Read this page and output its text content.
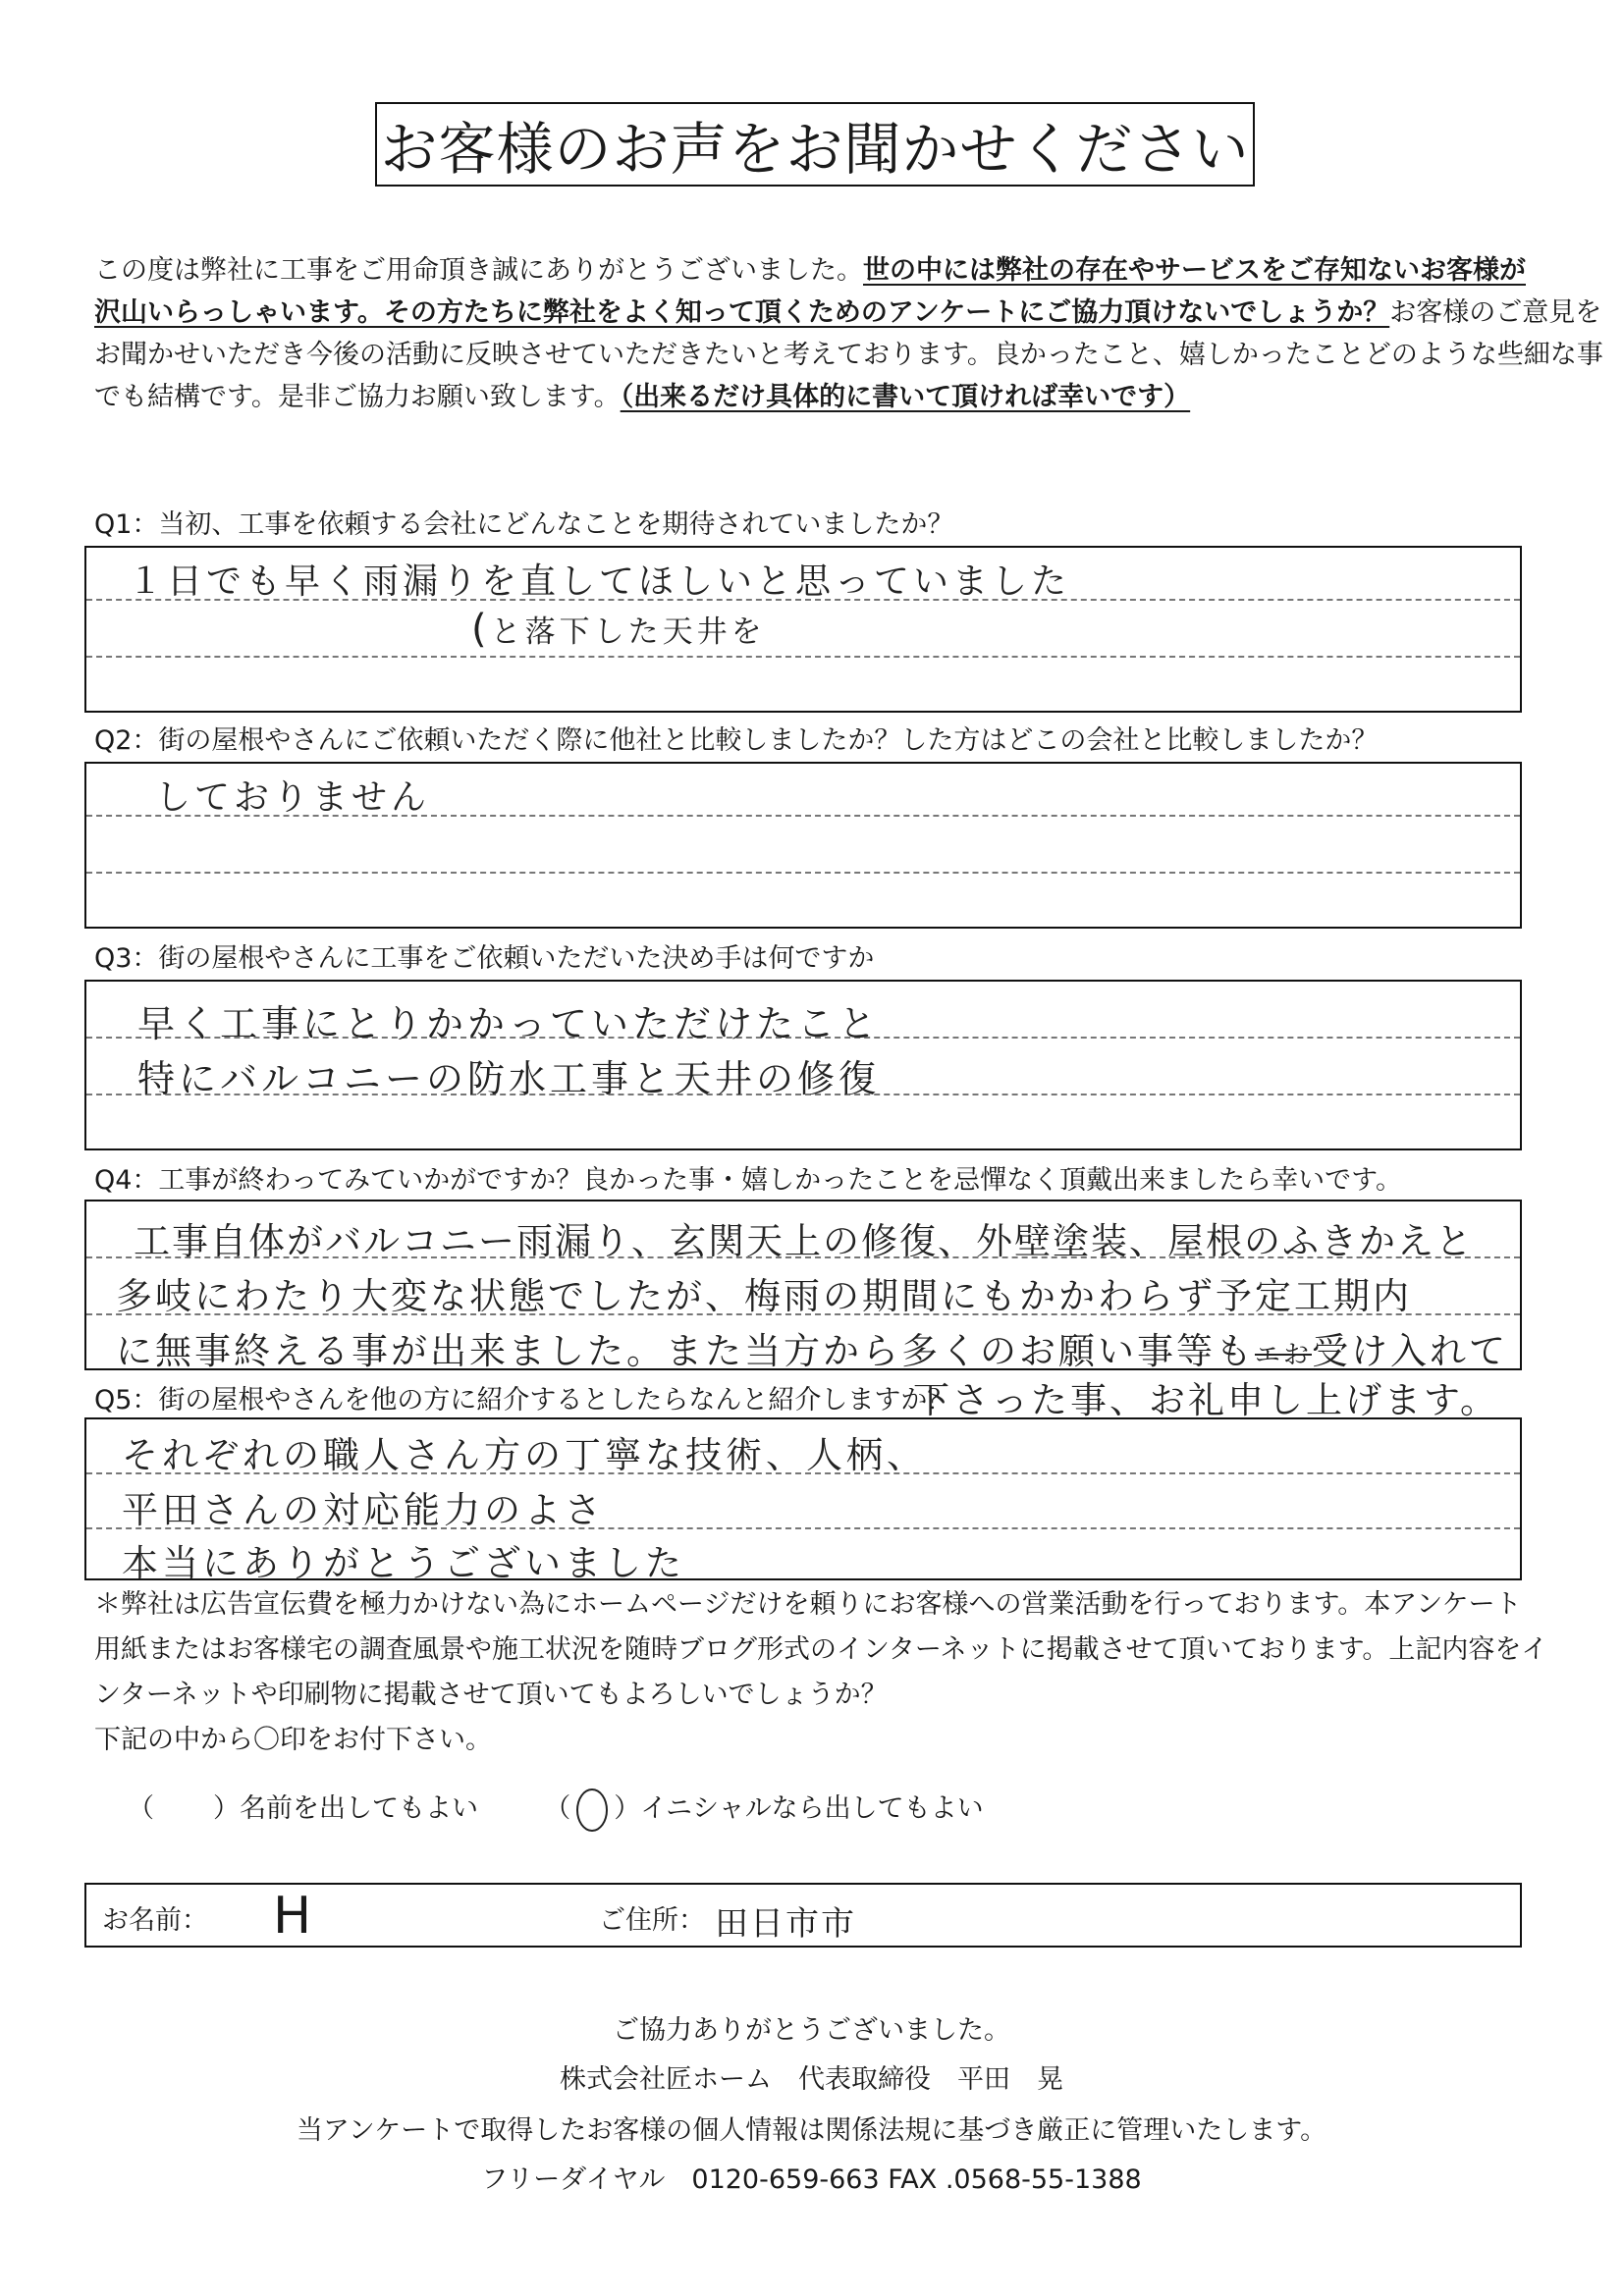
お客様のお声をお聞かせください
この度は弊社に工事をご用命頂き誠にありがとうございました。世の中には弊社の存在やサービスをご存知ないお客様が
沢山いらっしゃいます。その方たちに弊社をよく知って頂くためのアンケートにご協力頂けないでしょうか？お客様のご意見を
お聞かせいただき今後の活動に反映させていただきたいと考えております。良かったこと、嬉しかったことどのような些細な事
でも結構です。是非ご協力お願い致します。（出来るだけ具体的に書いて頂ければ幸いです）
Q1：当初、工事を依頼する会社にどんなことを期待されていましたか？
１日でも早く雨漏りを直してほしいと思っていました
(と落下した天井を
Q2：街の屋根やさんにご依頼いただく際に他社と比較しましたか？した方はどこの会社と比較しましたか？
しておりません
Q3：街の屋根やさんに工事をご依頼いただいた決め手は何ですか
早く工事にとりかかっていただけたこと
特にバルコニーの防水工事と天井の修復
Q4：工事が終わってみていかがですか？良かった事・嬉しかったことを忌憚なく頂戴出来ましたら幸いです。
工事自体がバルコニー雨漏り、玄関天上の修復、外壁塗装、屋根のふきかえと
多岐にわたり大変な状態でしたが、梅雨の期間にもかかわらず予定工期内
に無事終える事が出来ました。また当方から多くのお願い事等もエお受け入れて
Q5：街の屋根やさんを他の方に紹介するとしたらなんと紹介しますか？
下さった事、お礼申し上げます。
それぞれの職人さん方の丁寧な技術、人柄、
平田さんの対応能力のよさ
本当にありがとうございました
＊弊社は広告宣伝費を極力かけない為にホームページだけを頼りにお客様への営業活動を行っております。本アンケート
用紙またはお客様宅の調査風景や施工状況を随時ブログ形式のインターネットに掲載させて頂いております。上記内容をイ
ンターネットや印刷物に掲載させて頂いてもよろしいでしょうか？
下記の中から〇印をお付下さい。
（ ）名前を出してもよい （ ）イニシャルなら出してもよい
お名前： H	ご住所： 田日市市
ご協力ありがとうございました。
株式会社匠ホーム　代表取締役　平田　晃
当アンケートで取得したお客様の個人情報は関係法規に基づき厳正に管理いたします。
フリーダイヤル　0120-659-663 FAX .0568-55-1388
